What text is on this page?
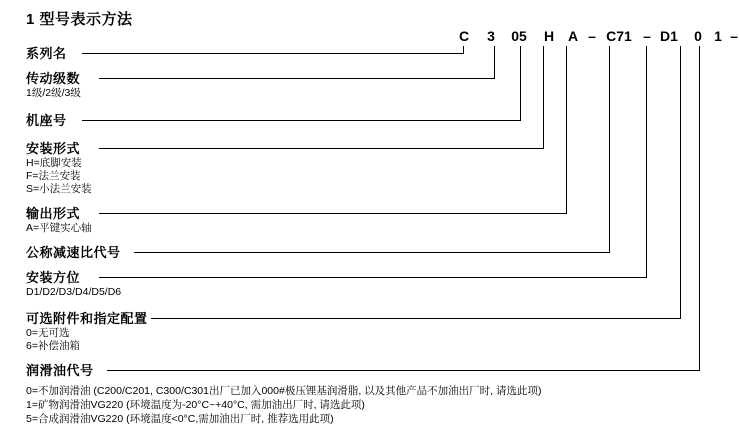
1 型号表示方法
C 3	05	H A – C71 – D1 0 1 –
系列名
传动级数
1级/2级/3级
机座号
安装形式
H=底脚安装
F=法兰安装
S=小法兰安装
输出形式
A=平键实心轴
公称减速比代号
安装方位
D1/D2/D3/D4/D5/D6
可选附件和指定配置
0=无可选
6=补偿油箱
润滑油代号
0=不加润滑油 (C200/C201, C300/C301出厂已加入000#极压锂基润滑脂, 以及其他产品不加油出厂时, 请选此项)
1=矿物润滑油VG220 (环境温度为-20°C~+40°C, 需加油出厂时, 请选此项)
5=合成润滑油VG220 (环境温度<0°C,需加油出厂时, 推荐选用此项)
